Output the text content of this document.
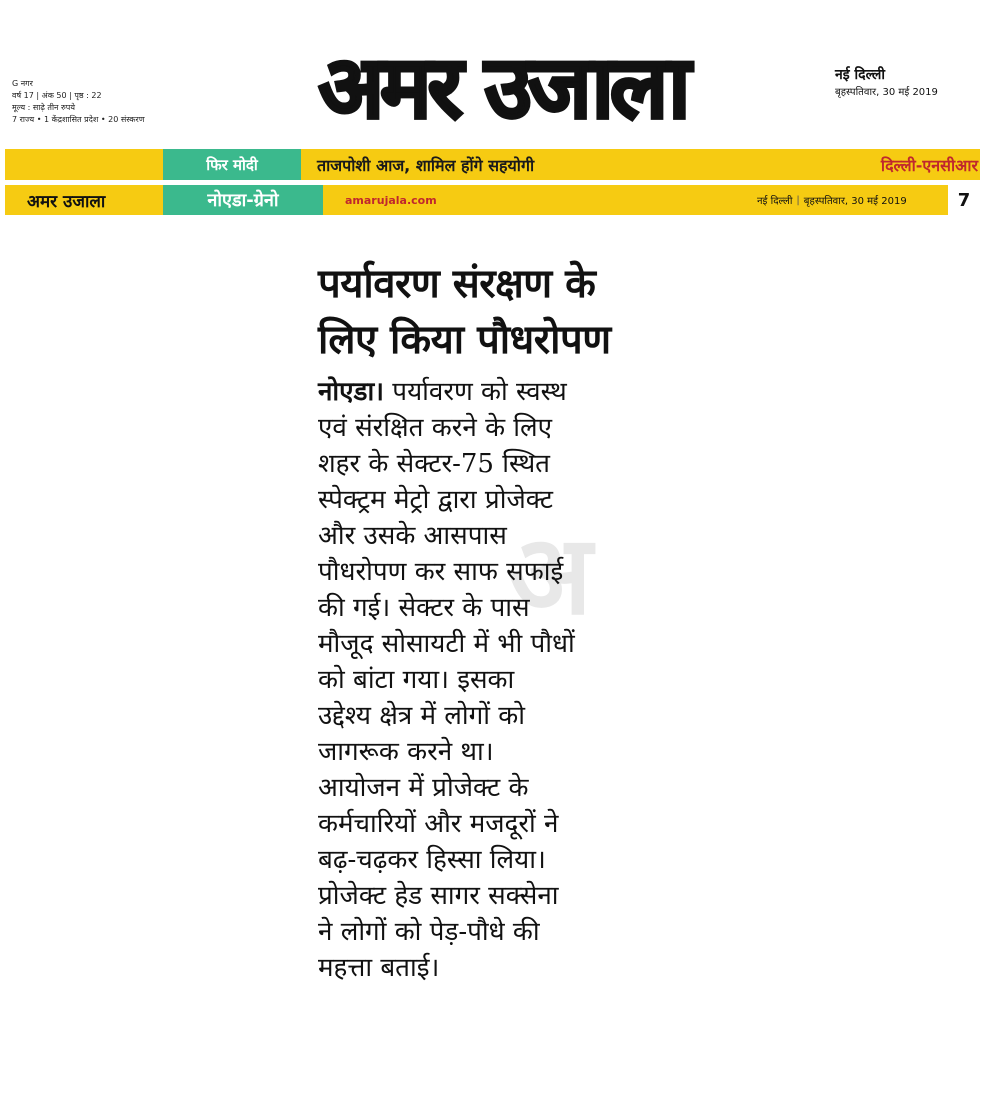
G नगर
वर्ष 17 | अंक 50 | पृष्ठ : 22
मूल्य : साढ़े तीन रुपये
7 राज्य • 1 केंद्रशासित प्रदेश • 20 संस्करण	अमर उजाला	नई दिल्ली
बृहस्पतिवार, 30 मई 2019
फिर मोदी	ताजपोशी आज, शामिल होंगे सहयोगी	दिल्ली-एनसीआर
अमर उजाला	नोएडा-ग्रेनो	amarujala.com	नई दिल्ली | बृहस्पतिवार, 30 मई 2019	7
अ
पर्यावरण संरक्षण के
लिए किया पौधरोपण
नोएडा। पर्यावरण को स्वस्थ
एवं संरक्षित करने के लिए
शहर के सेक्टर-75 स्थित
स्पेक्ट्रम मेट्रो द्वारा प्रोजेक्ट
और उसके आसपास
पौधरोपण कर साफ सफाई
की गई। सेक्टर के पास
मौजूद सोसायटी में भी पौधों
को बांटा गया। इसका
उद्देश्य क्षेत्र में लोगों को
जागरूक करने था।
आयोजन में प्रोजेक्ट के
कर्मचारियों और मजदूरों ने
बढ़-चढ़कर हिस्सा लिया।
प्रोजेक्ट हेड सागर सक्सेना
ने लोगों को पेड़-पौधे की
महत्ता बताई।
